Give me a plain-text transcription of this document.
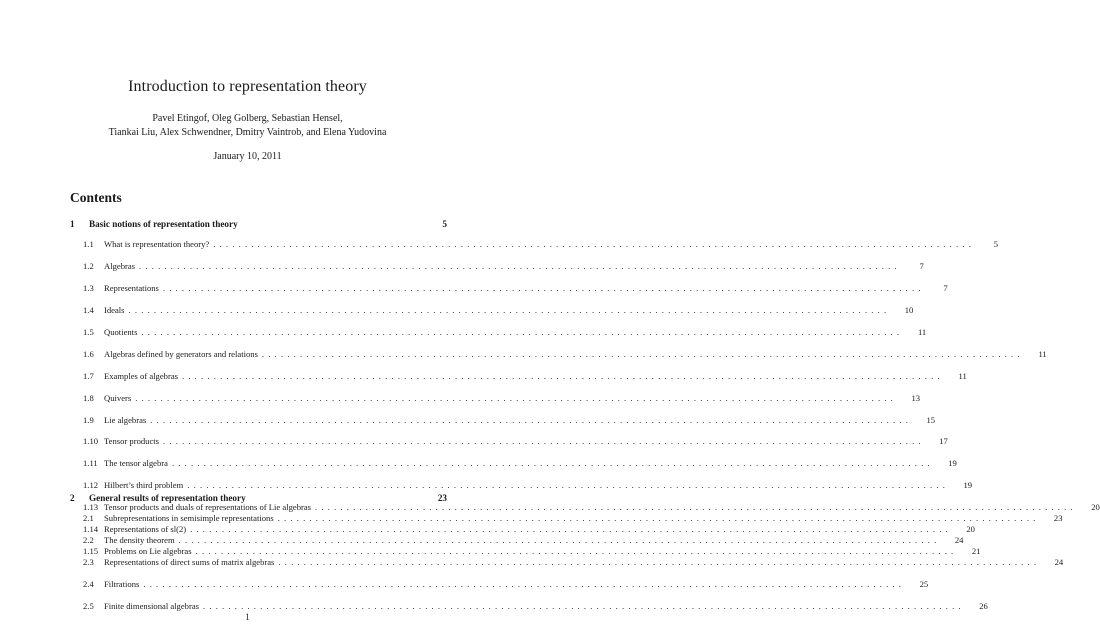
Introduction to representation theory
Pavel Etingof, Oleg Golberg, Sebastian Hensel,
Tiankai Liu, Alex Schwendner, Dmitry Vaintrob, and Elena Yudovina
January 10, 2011
Contents
1	Basic notions of representation theory	5
1.1	What is representation theory? ........................................................................................................................	5
1.2	Algebras ........................................................................................................................	7
1.3	Representations ........................................................................................................................	7
1.4	Ideals ........................................................................................................................	10
1.5	Quotients ........................................................................................................................	11
1.6	Algebras defined by generators and relations ........................................................................................................................	11
1.7	Examples of algebras ........................................................................................................................	11
1.8	Quivers ........................................................................................................................	13
1.9	Lie algebras ........................................................................................................................	15
1.10 Tensor products ........................................................................................................................	17
1.11 The tensor algebra ........................................................................................................................	19
1.12 Hilbert’s third problem ........................................................................................................................	19
1.13 Tensor products and duals of representations of Lie algebras ........................................................................................................................	20
1.14 Representations of sl(2) ........................................................................................................................	20
1.15 Problems on Lie algebras ........................................................................................................................	21
2	General results of representation theory	23
2.1	Subrepresentations in semisimple representations ........................................................................................................................	23
2.2	The density theorem ........................................................................................................................	24
2.3	Representations of direct sums of matrix algebras ........................................................................................................................	24
2.4	Filtrations ........................................................................................................................	25
2.5	Finite dimensional algebras ........................................................................................................................	26
1
